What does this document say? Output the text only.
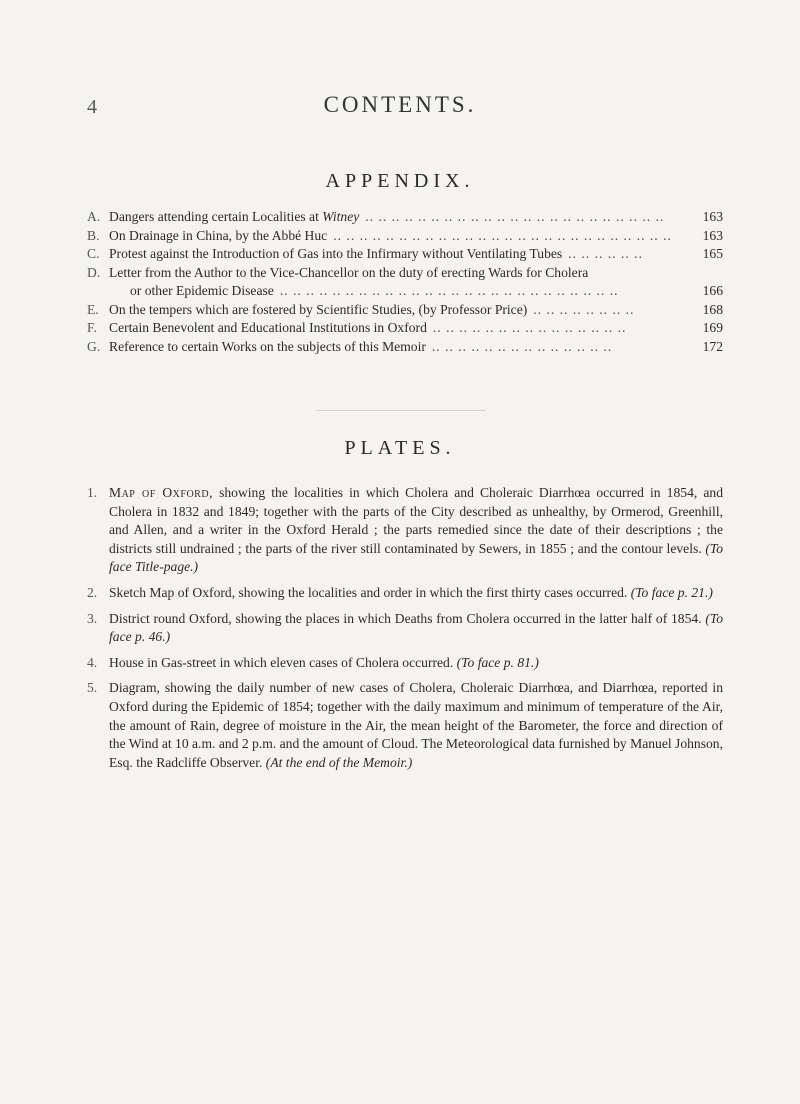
4	CONTENTS.
APPENDIX.
A. Dangers attending certain Localities at Witney .. .. .. .. .. .. .. .. .. .. .. .. .. .. .. .. .. .. .. .. .. .. ..	163
B. On Drainage in China, by the Abbé Huc .. .. .. .. .. .. .. .. .. .. .. .. .. .. .. .. .. .. .. .. .. .. .. .. .. ..	163
C. Protest against the Introduction of Gas into the Infirmary without Ventilating Tubes .. .. .. .. .. ..	165
D. Letter from the Author to the Vice-Chancellor on the duty of erecting Wards for Cholera
or other Epidemic Disease .. .. .. .. .. .. .. .. .. .. .. .. .. .. .. .. .. .. .. .. .. .. .. .. .. ..	166
E. On the tempers which are fostered by Scientific Studies, (by Professor Price) .. .. .. .. .. .. .. ..	168
F. Certain Benevolent and Educational Institutions in Oxford .. .. .. .. .. .. .. .. .. .. .. .. .. .. ..	169
G. Reference to certain Works on the subjects of this Memoir .. .. .. .. .. .. .. .. .. .. .. .. .. ..	172
PLATES.
1. Map of Oxford, showing the localities in which Cholera and Choleraic Diarrhœa occurred in 1854, and Cholera in 1832 and 1849; together with the parts of the City described as unhealthy, by Ormerod, Greenhill, and Allen, and a writer in the Oxford Herald ; the parts remedied since the date of their descriptions ; the districts still undrained ; the parts of the river still contaminated by Sewers, in 1855 ; and the contour levels. (To face Title-page.)
2. Sketch Map of Oxford, showing the localities and order in which the first thirty cases occurred. (To face p. 21.)
3. District round Oxford, showing the places in which Deaths from Cholera occurred in the latter half of 1854. (To face p. 46.)
4. House in Gas-street in which eleven cases of Cholera occurred. (To face p. 81.)
5. Diagram, showing the daily number of new cases of Cholera, Choleraic Diarrhœa, and Diarrhœa, reported in Oxford during the Epidemic of 1854; together with the daily maximum and minimum of temperature of the Air, the amount of Rain, degree of moisture in the Air, the mean height of the Barometer, the force and direction of the Wind at 10 a.m. and 2 p.m. and the amount of Cloud. The Meteorological data furnished by Manuel Johnson, Esq. the Radcliffe Observer. (At the end of the Memoir.)
